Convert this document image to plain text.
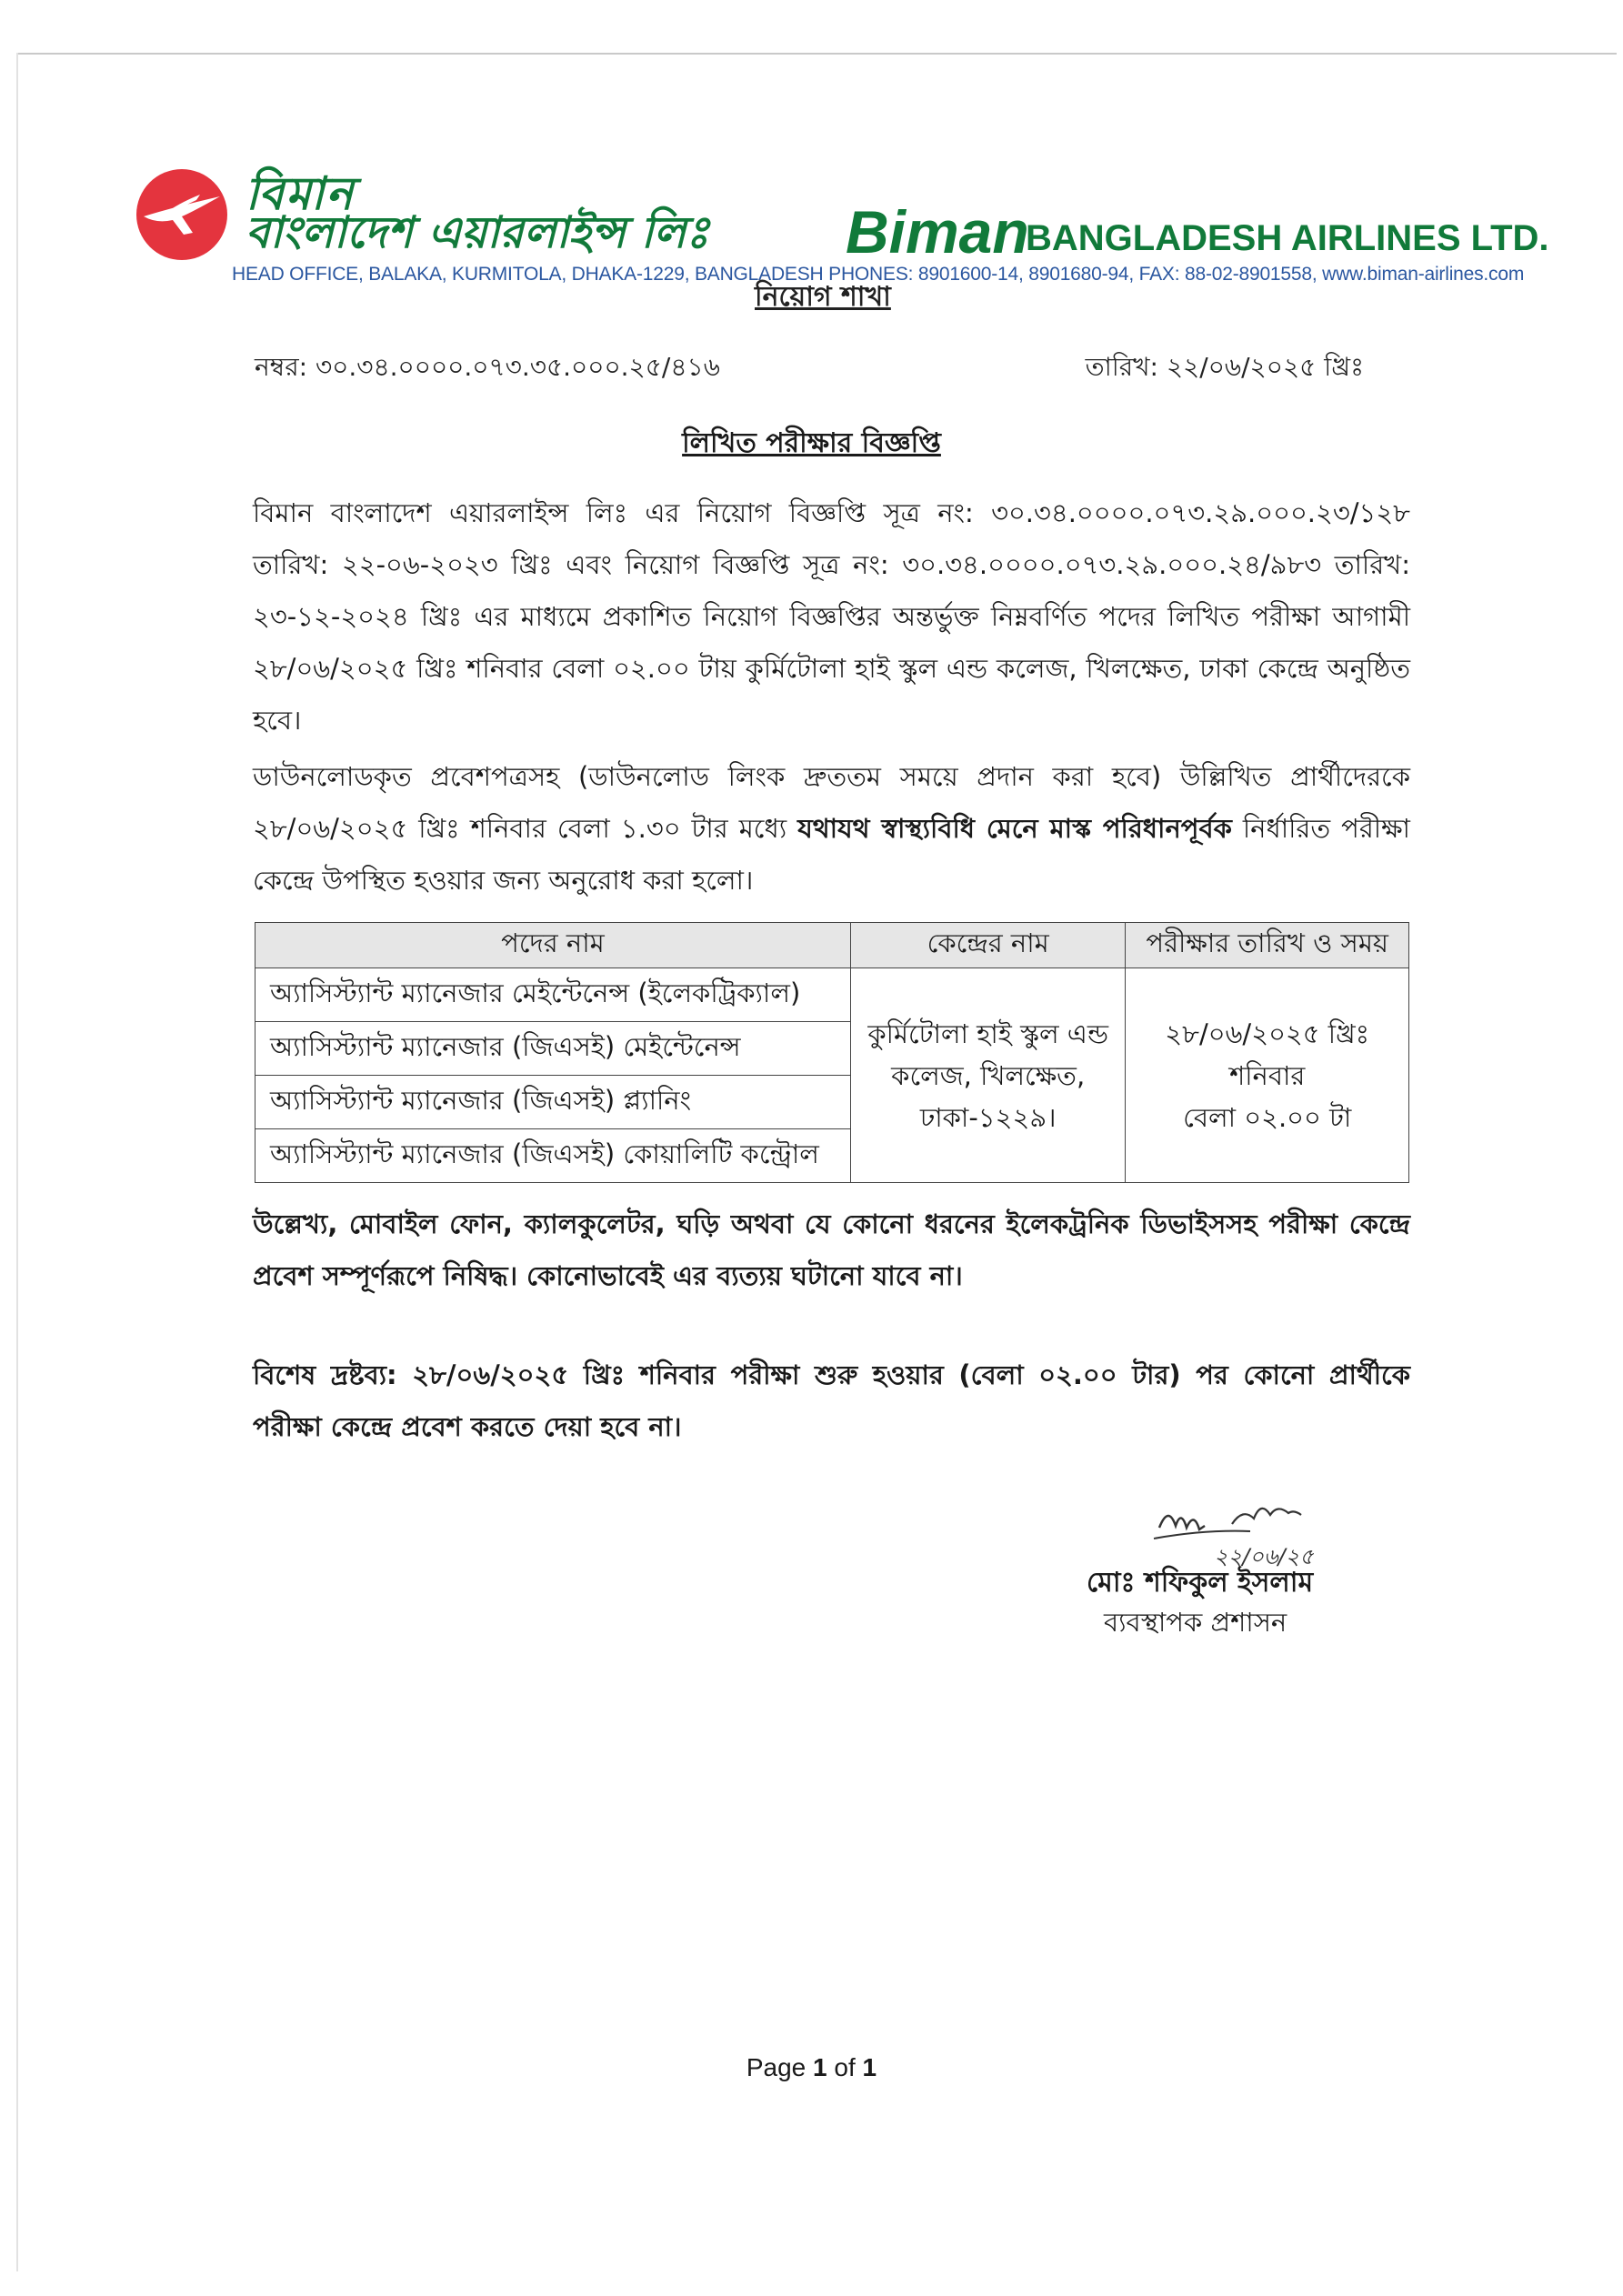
বিমান
বাংলাদেশ এয়ারলাইন্স লিঃ Biman
BANGLADESH AIRLINES LTD.
HEAD OFFICE, BALAKA, KURMITOLA, DHAKA-1229, BANGLADESH PHONES: 8901600-14, 8901680-94, FAX: 88-02-8901558, www.biman-airlines.com
নিয়োগ শাখা
নম্বর: ৩০.৩৪.০০০০.০৭৩.৩৫.০০০.২৫/৪১৬	তারিখ: ২২/০৬/২০২৫ খ্রিঃ
লিখিত পরীক্ষার বিজ্ঞপ্তি

বিমান বাংলাদেশ এয়ারলাইন্স লিঃ এর নিয়োগ বিজ্ঞপ্তি সূত্র নং: ৩০.৩৪.০০০০.০৭৩.২৯.০০০.২৩/১২৮ তারিখ: ২২-০৬-২০২৩ খ্রিঃ এবং নিয়োগ বিজ্ঞপ্তি সূত্র নং: ৩০.৩৪.০০০০.০৭৩.২৯.০০০.২৪/৯৮৩ তারিখ: ২৩-১২-২০২৪ খ্রিঃ এর মাধ্যমে প্রকাশিত নিয়োগ বিজ্ঞপ্তির অন্তর্ভুক্ত নিম্নবর্ণিত পদের লিখিত পরীক্ষা আগামী ২৮/০৬/২০২৫ খ্রিঃ শনিবার বেলা ০২.০০ টায় কুর্মিটোলা হাই স্কুল এন্ড কলেজ, খিলক্ষেত, ঢাকা কেন্দ্রে অনুষ্ঠিত হবে।

ডাউনলোডকৃত প্রবেশপত্রসহ (ডাউনলোড লিংক দ্রুততম সময়ে প্রদান করা হবে) উল্লিখিত প্রার্থীদেরকে ২৮/০৬/২০২৫ খ্রিঃ শনিবার বেলা ১.৩০ টার মধ্যে যথাযথ স্বাস্থ্যবিধি মেনে মাস্ক পরিধানপূর্বক নির্ধারিত পরীক্ষা কেন্দ্রে উপস্থিত হওয়ার জন্য অনুরোধ করা হলো।

পদের নাম	কেন্দ্রের নাম	পরীক্ষার তারিখ ও সময়
অ্যাসিস্ট্যান্ট ম্যানেজার মেইন্টেনেন্স (ইলেকট্রিক্যাল)	কুর্মিটোলা হাই স্কুল এন্ড কলেজ, খিলক্ষেত, ঢাকা-১২২৯।	২৮/০৬/২০২৫ খ্রিঃ
শনিবার
বেলা ০২.০০ টা

অ্যাসিস্ট্যান্ট ম্যানেজার (জিএসই) মেইন্টেনেন্স		
অ্যাসিস্ট্যান্ট ম্যানেজার (জিএসই) প্ল্যানিং		
অ্যাসিস্ট্যান্ট ম্যানেজার (জিএসই) কোয়ালিটি কন্ট্রোল		

উল্লেখ্য, মোবাইল ফোন, ক্যালকুলেটর, ঘড়ি অথবা যে কোনো ধরনের ইলেকট্রনিক ডিভাইসসহ পরীক্ষা কেন্দ্রে প্রবেশ সম্পূর্ণরূপে নিষিদ্ধ। কোনোভাবেই এর ব্যত্যয় ঘটানো যাবে না।

বিশেষ দ্রষ্টব্য: ২৮/০৬/২০২৫ খ্রিঃ শনিবার পরীক্ষা শুরু হওয়ার (বেলা ০২.০০ টার) পর কোনো প্রার্থীকে পরীক্ষা কেন্দ্রে প্রবেশ করতে দেয়া হবে না।

২২/০৬/২৫
মোঃ শফিকুল ইসলাম
ব্যবস্থাপক প্রশাসন
Page 1 of 1
